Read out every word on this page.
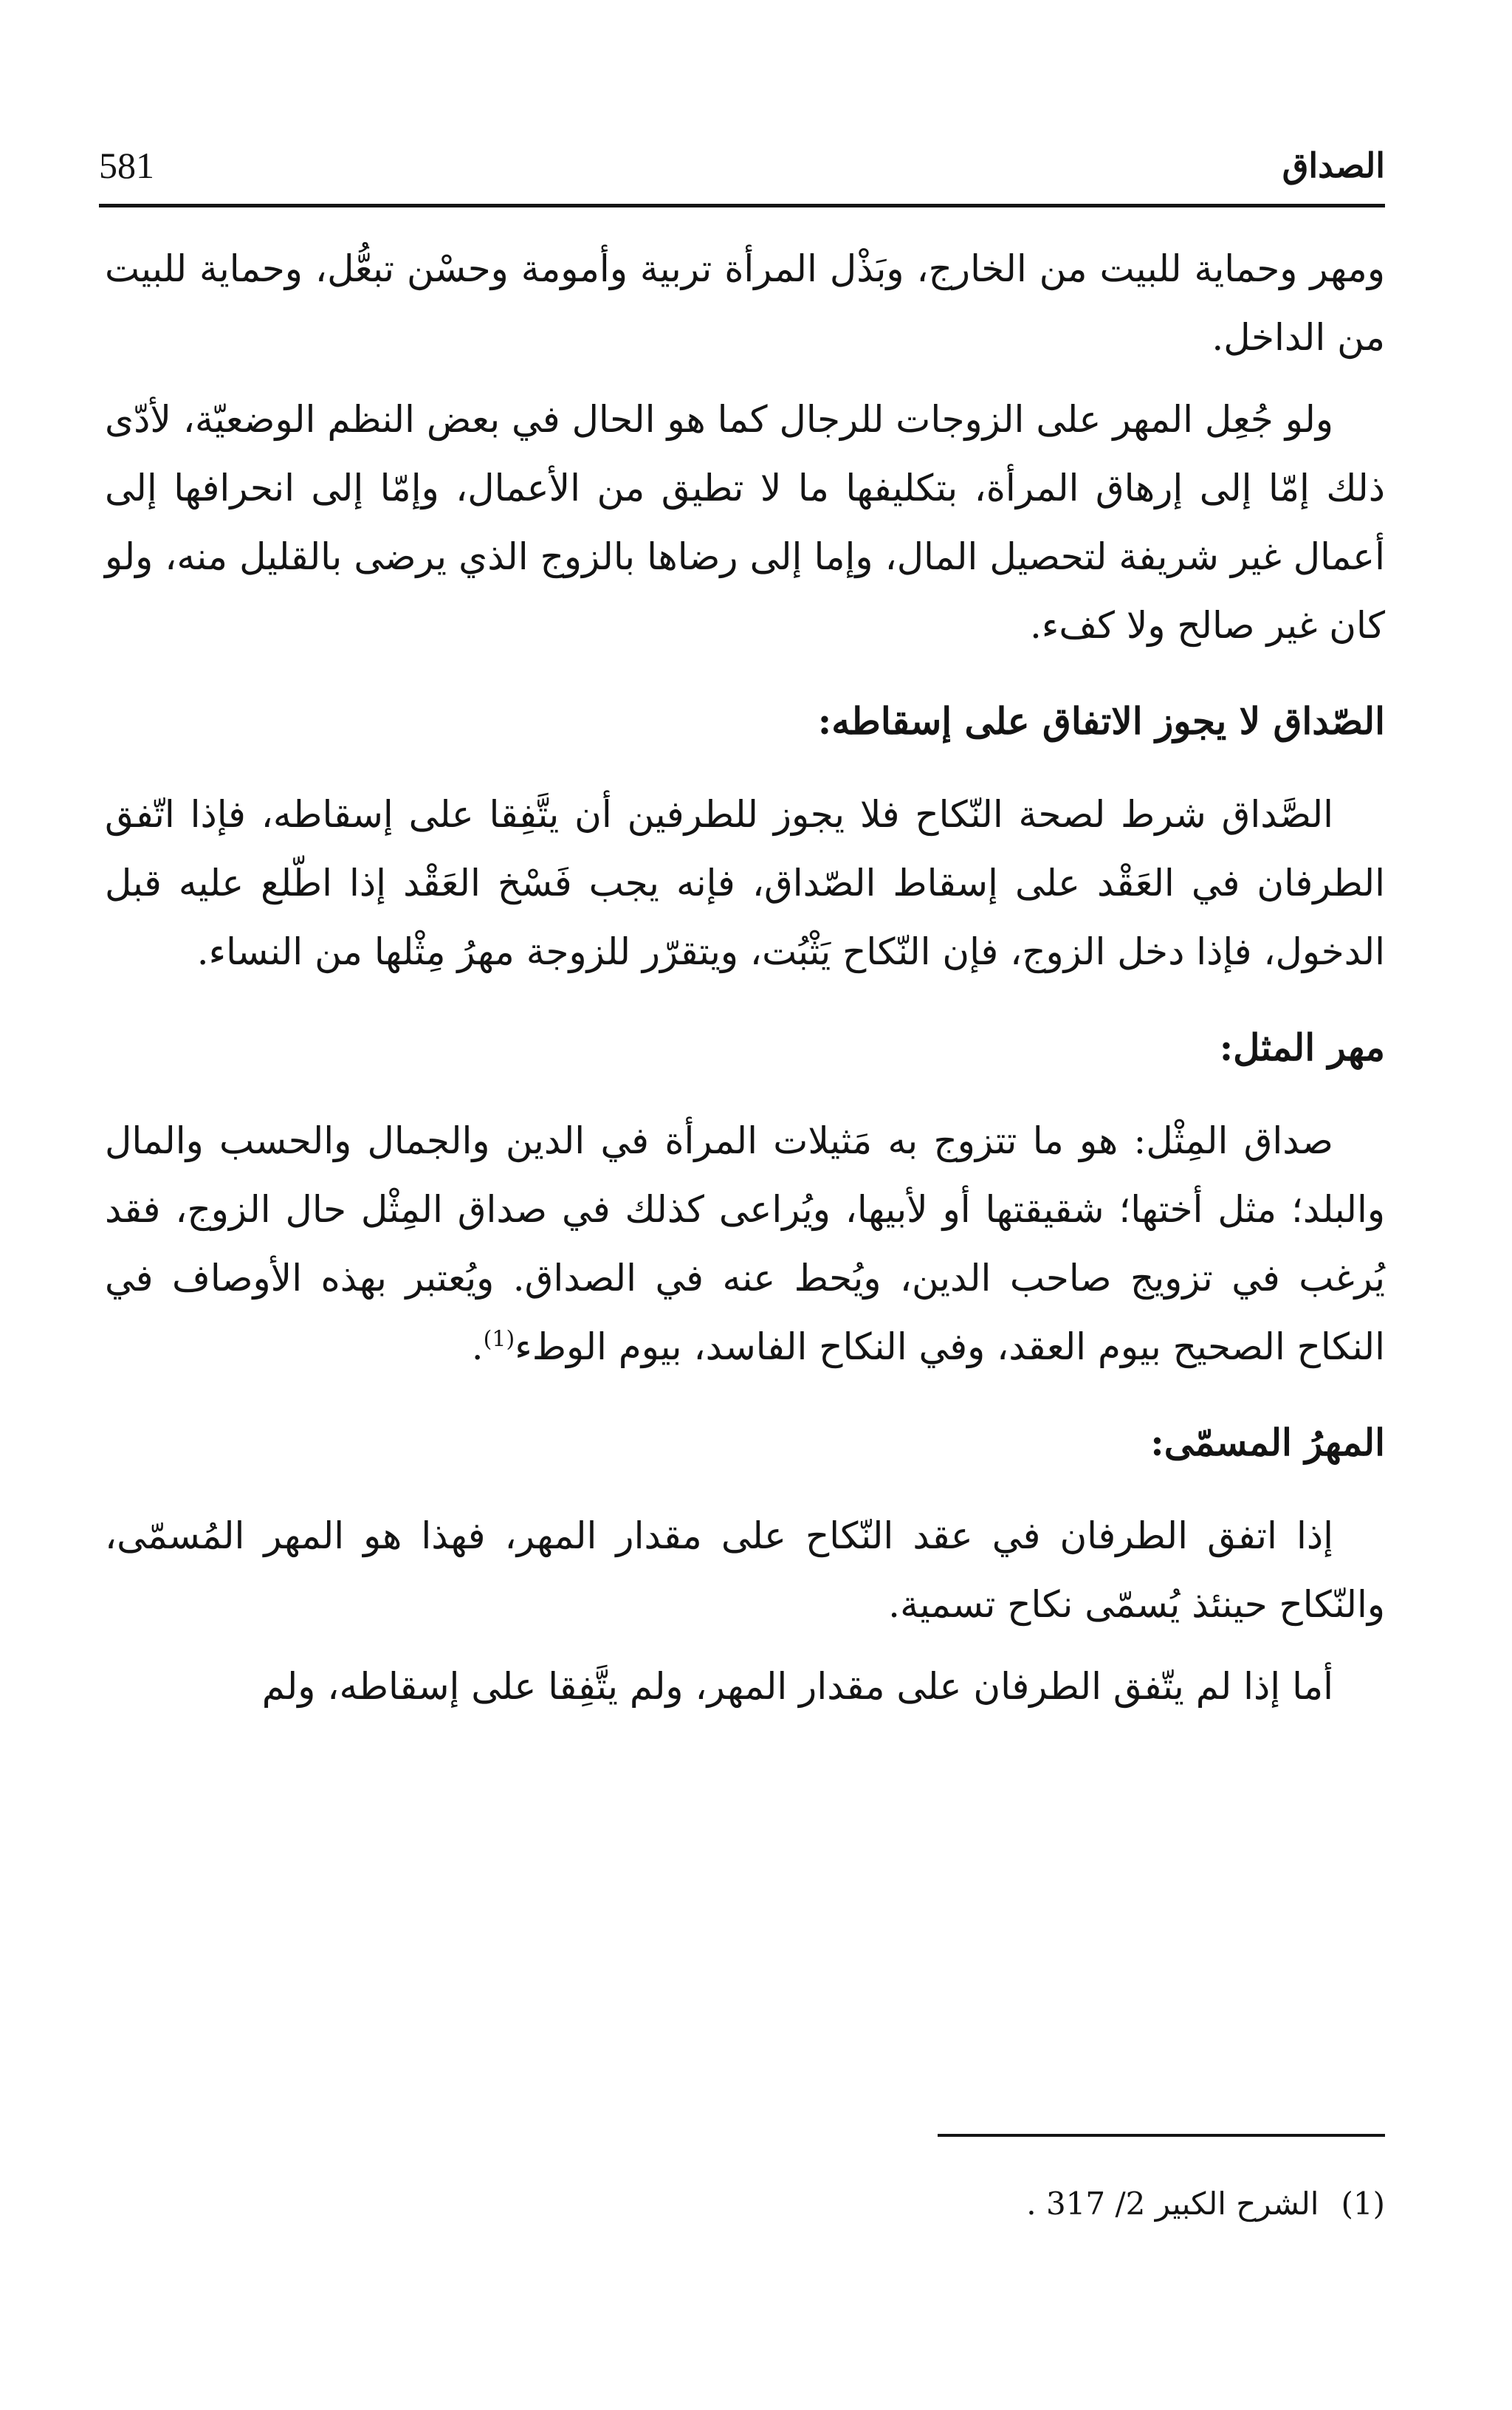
الصداق
581

ومهر وحماية للبيت من الخارج، وبَذْل المرأة تربية وأمومة وحسْن تبعُّل، وحماية للبيت من الداخل.

ولو جُعِل المهر على الزوجات للرجال كما هو الحال في بعض النظم الوضعيّة، لأدّى ذلك إمّا إلى إرهاق المرأة، بتكليفها ما لا تطيق من الأعمال، وإمّا إلى انحرافها إلى أعمال غير شريفة لتحصيل المال، وإما إلى رضاها بالزوج الذي يرضى بالقليل منه، ولو كان غير صالح ولا كفء.

الصّداق لا يجوز الاتفاق على إسقاطه:

الصَّداق شرط لصحة النّكاح فلا يجوز للطرفين أن يتَّفِقا على إسقاطه، فإذا اتّفق الطرفان في العَقْد على إسقاط الصّداق، فإنه يجب فَسْخ العَقْد إذا اطّلع عليه قبل الدخول، فإذا دخل الزوج، فإن النّكاح يَثْبُت، ويتقرّر للزوجة مهرُ مِثْلها من النساء.

مهر المثل:

صداق المِثْل: هو ما تتزوج به مَثيلات المرأة في الدين والجمال والحسب والمال والبلد؛ مثل أختها؛ شقيقتها أو لأبيها، ويُراعى كذلك في صداق المِثْل حال الزوج، فقد يُرغب في تزويج صاحب الدين، ويُحط عنه في الصداق. ويُعتبر بهذه الأوصاف في النكاح الصحيح بيوم العقد، وفي النكاح الفاسد، بيوم الوطء$^{(1)}$.

المهرُ المسمّى:

إذا اتفق الطرفان في عقد النّكاح على مقدار المهر، فهذا هو المهر المُسمّى، والنّكاح حينئذ يُسمّى نكاح تسمية.

أما إذا لم يتّفق الطرفان على مقدار المهر، ولم يتَّفِقا على إسقاطه، ولم

(1)الشرح الكبير 2/ 317 .
